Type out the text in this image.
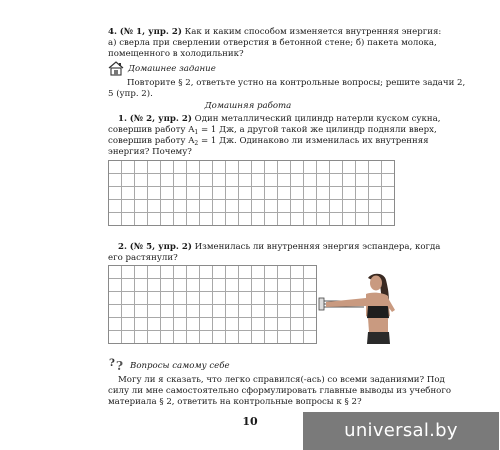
4. (№ 1, упр. 2) Как и каким способом изменяется внутренняя энергия:

а) сверла при сверлении отверстия в бетонной стене; б) пакета молока,

помещенного в холодильник?

Домашнее задание

Повторите § 2, ответьте устно на контрольные вопросы; решите задачи 2,

5 (упр. 2).

Домашняя работа

1. (№ 2, упр. 2) Один металлический цилиндр натерли куском сукна,

совершив работу $A_1 = 1$ Дж, а другой такой же цилиндр подняли вверх,

совершив работу $A_2 = 1$ Дж. Одинаково ли изменилась их внутренняя

энергия? Почему?

2. (№ 5, упр. 2) Изменилась ли внутренняя энергия эспандера, когда

его растянули?

? ? Вопросы самому себе

Могу ли я сказать, что легко справился(-ась) со всеми заданиями? Под

силу ли мне самостоятельно сформулировать главные выводы из учебного

материала § 2, ответить на контрольные вопросы к § 2?

10	universal.by
